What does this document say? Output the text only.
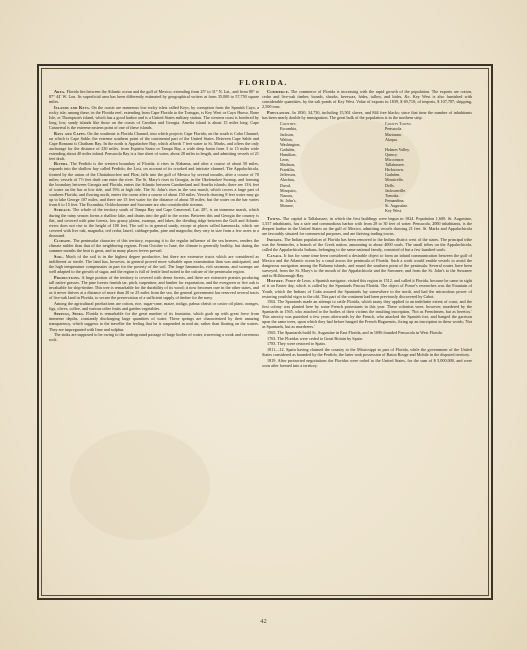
FLORIDA.

Area. Florida lies between the Atlantic ocean and the gulf of Mexico, extending from 25° to 31° N. Lat., and from 80° to 87° 44′ W. Lon. Its superficial area has been differently estimated by geographical writers at from 35,000 to 57,750 square miles.

Islands and Keys. On the coasts are numerous low rocky islets called Keys, by corruption from the Spanish Cayo, a rocky isle; among these, in the Florida reef, extending from Cape Florida to the Tortugas, is Key West or Cayo Hueso, Bone Isle, or Thompson's island, which has a good harbor and is a United States military station. The western coast is bordered by long, low, sandy islands like those on the coasts of Carolina and Georgia. Amelia island is about 15 miles long. Cape Canaveral is the extreme eastern point of one of these islands.

Bays and Capes. On the southeast is Florida Channel, into which projects Cape Florida; on the south is Cuba Channel, on which is Cape Sable, the extreme southern point of the continental part of the United States. Between Cape Sable and Cape Romano is Chatham Bay. In the north is Appalachee Bay, which affords 7 feet water to St. Marks, and offers the only anchorage for the distance of 230 miles, from Espiritu Santo or Tampa Bay, a wide deep basin from 3 to 15 miles wide extending about 40 miles inland. Pensacola Bay is a fine sheet of water, about 28 miles in length, and admitting vessels of 21 feet draft.

Rivers. The Perdido is the western boundary of Florida; it rises in Alabama, and after a course of about 50 miles, expands into the shallow bay called Perdido, the Lost, on account of its crooked and intricate channel. The Appalachicola, formed by the union of the Chattahoochee and Flint, falls into the gulf of Mexico by several mouths, after a course of 70 miles; vessels of 7½ feet draft can enter the river. The St. Mary's rises in Georgia, in the Okefenokee Swamp, and forming the boundary between Georgia and Florida, enters the Atlantic between Cumberland and Amelia islands; there are 13¾ feet of water on the bar at low tide, and 19¾ at high tide. The St. John's rises in the vast marsh, which covers a large part of southern Florida, and flowing north, enters the ocean after a course of about 150 miles. Vessels drawing 8 feet water may go up to lake George 107 miles, and there are 15 feet water for the distance of about 50 miles; but the water on the bar varies from 6 to 15 feet. The Escambia, Ocklockonnee and Suwanee are also considerable streams.

Surface. The whole of the territory south of Tampa Bay and Cape Canaveral, Lat. 28°, is an immense marsh, which during the rainy season forms a shallow lake, and drains into the gulf to the ocean. Between this and Georgia the country is flat, and covered with pine forests, low grassy plains, swamps, and lakes; the dividing ridge between the Gulf and Atlantic rivers does not rise to the height of 100 feet. The soil is in general sandy, except at places called hammocks, which are covered with live oak, magnolia, red cedar, laurel, cabbage-palm, pine and magnolia; they vary in size from a few acres to a thousand.

Climate. The peninsular character of this territory, exposing it to the regular influence of the sea breezes, renders the climate milder than that of the neighboring regions. From October to June, the climate is generally healthy, but during the summer months the heat is great, and in many places fevers prevail.

Soil. Much of the soil is in the highest degree productive, but there are extensive tracts which are considered as indifferent or sterile. The land has, however, in general proved more valuable upon examination than was anticipated, and the high temperature compensates in part for the poverty of the soil. The large hammocks, rich savannas, and swamps are well adapted to the growth of sugar, and the region is full of fertile land suited to the culture of the peninsular region.

Productions. A large portion of the territory is covered with dense forests, and there are extensive prairies producing tall native grasses. The pine forests furnish tar, pitch, turpentine, and lumber for exportation, and the evergreen or live oak is invaluable for ship-timber. This tree is remarkable for the durability of its wood; it now becomes rare in the other states, and as it never thrives at a distance of more than 20 or 25 miles from the sea, the general government has reserved several tracts of live-oak land in Florida, to secure the preservation of a sufficient supply of timber for the navy.

Among the agricultural productions are cotton, rice, sugar-cane, maize, indigo, palma christi or castor oil plant, oranges, figs, olives, coffee, and various other fruits and garden vegetables.

Springs, Sinks. Florida is remarkable for the great number of its fountains, which gush up with great force from immense depths, constantly discharging large quantities of water. These springs are characterized by their amazing transparency, which suggests to the traveller the feeling that he is suspended in mid air, rather than floating on the waters. They are impregnated with lime and sulphur.

The sinks are supposed to be owing to the underground passage of large bodies of water, traversing a weak and cavernous rock.

Commerce. The commerce of Florida is increasing with the rapid growth of the population. The exports are cotton, cedar and live-oak timber, boards, shooks, beeswax, hides, tallow, and hides, &c. Key West is also furnished with considerable quantities, by the salt ponds of Key West. Value of exports in 1839, $ 69,710; of imports, $ 107,787; shipping, 2,500 tons.

Population. In 1830, 34,730, including 15,501 slaves, and 844 free blacks; since that time the number of inhabitants has been nearly double by immigration. The great bulk of the population is in the northern strip.

Counties.
Escambia,
Jackson,
Walton,
Washington,
Gadsden,
Hamilton,
Leon,
Madison,
Franklin,
Jefferson,
Alachua,
Duval,
Mosquito,
Nassau,
St. John's,
Monroe,

County Towns.
Pensacola.
Marianna.
Alaqua.

Holmes Valley.
Quincy.
Micconnoe.
Tallahassee.
Hickstown.
Gadsden.
Monticello.
Dells.
Jacksonville.
Tomoka.
Fernandina.
St. Augustine.
Key West.

Towns. The capital is Tallahassee, in which the first buildings were begun in 1824. Population 1,600. St. Augustine, 1,557 inhabitants, has a safe and commodious harbor with from 28 to 30 feet of water. Pensacola, 2000 inhabitants, is the deepest harbor in the United States on the gulf of Mexico, admitting vessels drawing 21 feet. St. Marks and Appalachicola are favorably situated for commercial purposes, and are thriving trading towns.

Indians. The Indian population of Florida has been removed to the Indian district west of the states. The principal tribe was the Seminoles, a branch of the Creek nation, amounting to about 4000 souls. The small tribes on the Appalachicola, called the Appalachicola Indians, belonging to the same national family, consisted of but a few hundred souls.

Canals. It has for some time been considered a desirable object to form an inland communication between the gulf of Mexico and the Atlantic ocean by a canal across the peninsula of Florida. Such a work would enable vessels to avoid the dangerous navigation among the Bahama islands, and round the southern point of the peninsula. Several routes have been surveyed, from the St. Mary's to the mouth of the Appalachicola and the Suwanee, and from the St. John's to the Suwanee and to Hillsborough Bay.

History. Ponce de Leon, a Spanish navigator, visited this region in 1512, and called it Florida, because he came in sight of it on Easter day, which is called by the Spaniards Pascua Florida. The object of Ponce's researches was the Fountain of Youth, which the Indians of Cuba assured the Spaniards lay somewhere to the north, and had the miraculous power of restoring youthful vigor to the old. This part of the continent had been previously discovered by Cabot.

1562. The Spaniards made an attempt to settle Florida, which many they applied to an indefinite extent of coast, and the first colony was planted here by some French protestants in this year. These colonists were, however, murdered by the Spaniards in 1565, who attached to the bodies of their victims the insulting inscription, 'Not as Frenchmen, but as heretics.' This atrocity was punished a few years afterwards by the French, who attacked the Spanish fort, and hanged the garrison upon the same trees, upon which they had before hanged the French Huguenots, fixing up an inscription in these words; 'Not as Spaniards, but as murderers.'

1565. The Spaniards build St. Augustine in East Florida, and in 1696 founded Pensacola in West Florida.

1763. The Floridas were ceded to Great Britain by Spain.

1783. They were restored to Spain.

1811—12. Spain having claimed the country to the Mississippi as part of Florida, while the government of the United States considered as bounded by the Perdido, the latter took possession of Baton Rouge and Mobile in the disputed territory.

1819. After protracted negotiations the Floridas were ceded to the United States, for the sum of $ 5,000,000, and were soon after formed into a territory.

42
